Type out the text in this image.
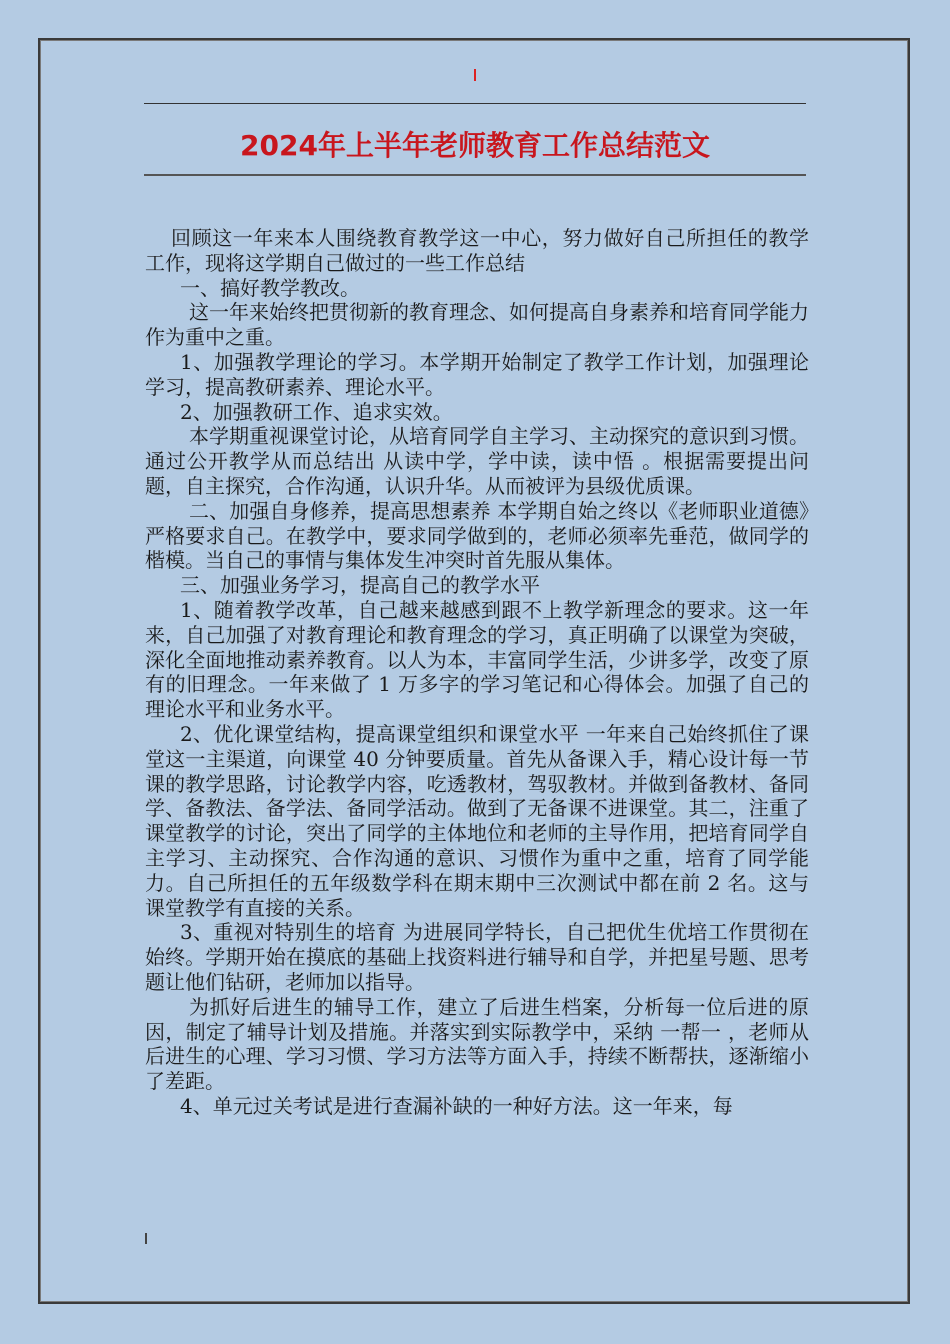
2024年上半年老师教育工作总结范文

回顾这一年来本人围绕教育教学这一中心，努力做好自己所担任的教学工作，现将这学期自己做过的一些工作总结

一、搞好教学教改。

这一年来始终把贯彻新的教育理念、如何提高自身素养和培育同学能力作为重中之重。

1、加强教学理论的学习。本学期开始制定了教学工作计划，加强理论学习，提高教研素养、理论水平。

2、加强教研工作、追求实效。

本学期重视课堂讨论，从培育同学自主学习、主动探究的意识到习惯。通过公开教学从而总结出 从读中学，学中读，读中悟 。根据需要提出问题，自主探究，合作沟通，认识升华。从而被评为县级优质课。

二、加强自身修养，提高思想素养 本学期自始之终以《老师职业道德》严格要求自己。在教学中，要求同学做到的，老师必须率先垂范，做同学的楷模。当自己的事情与集体发生冲突时首先服从集体。

三、加强业务学习，提高自己的教学水平

1、随着教学改革，自己越来越感到跟不上教学新理念的要求。这一年来，自己加强了对教育理论和教育理念的学习，真正明确了以课堂为突破，深化全面地推动素养教育。以人为本，丰富同学生活，少讲多学，改变了原有的旧理念。一年来做了 1 万多字的学习笔记和心得体会。加强了自己的理论水平和业务水平。

2、优化课堂结构，提高课堂组织和课堂水平 一年来自己始终抓住了课堂这一主渠道，向课堂 40 分钟要质量。首先从备课入手，精心设计每一节课的教学思路，讨论教学内容，吃透教材，驾驭教材。并做到备教材、备同学、备教法、备学法、备同学活动。做到了无备课不进课堂。其二，注重了课堂教学的讨论，突出了同学的主体地位和老师的主导作用，把培育同学自主学习、主动探究、合作沟通的意识、习惯作为重中之重，培育了同学能力。自己所担任的五年级数学科在期末期中三次测试中都在前 2 名。这与课堂教学有直接的关系。

3、重视对特别生的培育 为进展同学特长，自己把优生优培工作贯彻在始终。学期开始在摸底的基础上找资料进行辅导和自学，并把星号题、思考题让他们钻研，老师加以指导。

为抓好后进生的辅导工作，建立了后进生档案，分析每一位后进的原因，制定了辅导计划及措施。并落实到实际教学中，采纳 一帮一 ，老师从后进生的心理、学习习惯、学习方法等方面入手，持续不断帮扶，逐渐缩小了差距。

4、单元过关考试是进行查漏补缺的一种好方法。这一年来，每
